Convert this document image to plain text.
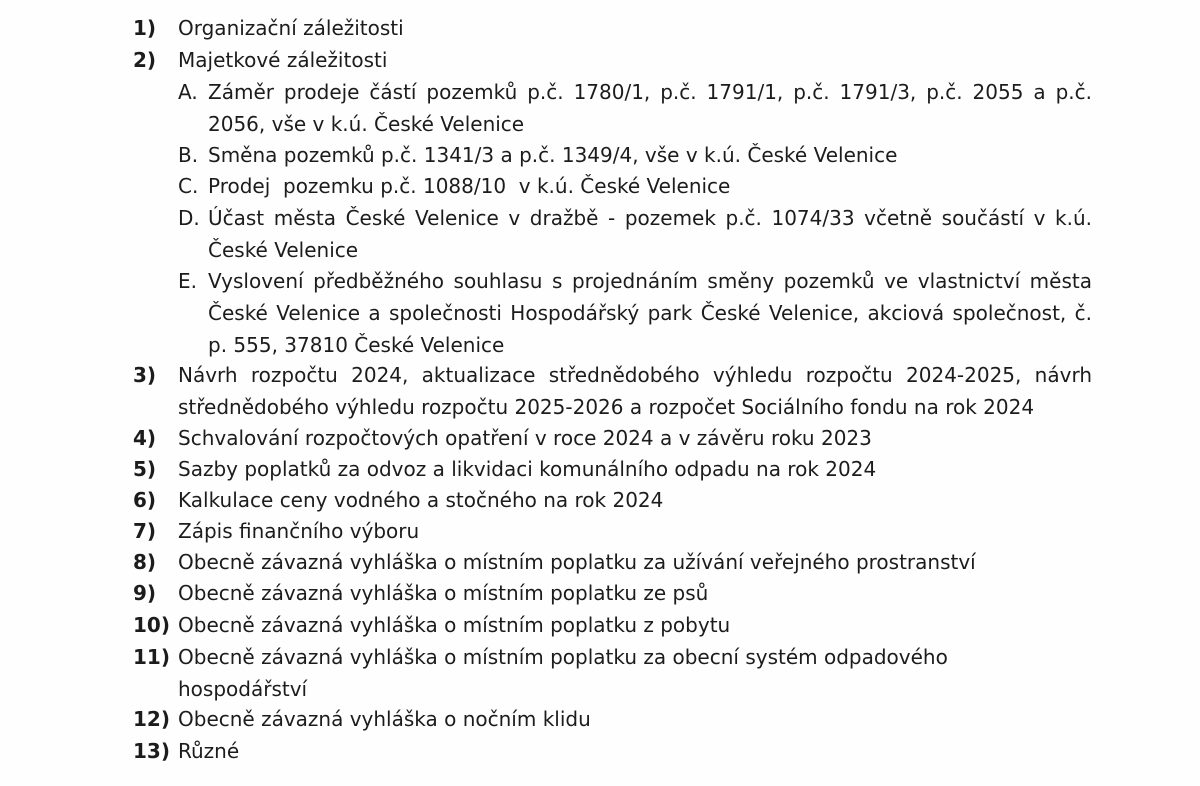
1) Organizační záležitosti
2) Majetkové záležitosti
A. Záměr prodeje částí pozemků p.č. 1780/1, p.č. 1791/1, p.č. 1791/3, p.č. 2055 a p.č. 2056, vše v k.ú. České Velenice
B. Směna pozemků p.č. 1341/3 a p.č. 1349/4, vše v k.ú. České Velenice
C. Prodej  pozemku p.č. 1088/10  v k.ú. České Velenice
D. Účast města České Velenice v dražbě - pozemek p.č. 1074/33 včetně součástí v k.ú. České Velenice
E. Vyslovení předběžného souhlasu s projednáním směny pozemků ve vlastnictví města České Velenice a společnosti Hospodářský park České Velenice, akciová společnost, č. p. 555, 37810 České Velenice
3) Návrh rozpočtu 2024, aktualizace střednědobého výhledu rozpočtu 2024-2025, návrh střednědobého výhledu rozpočtu 2025-2026 a rozpočet Sociálního fondu na rok 2024
4) Schvalování rozpočtových opatření v roce 2024 a v závěru roku 2023
5) Sazby poplatků za odvoz a likvidaci komunálního odpadu na rok 2024
6) Kalkulace ceny vodného a stočného na rok 2024
7) Zápis finančního výboru
8) Obecně závazná vyhláška o místním poplatku za užívání veřejného prostranství
9) Obecně závazná vyhláška o místním poplatku ze psů
10) Obecně závazná vyhláška o místním poplatku z pobytu
11) Obecně závazná vyhláška o místním poplatku za obecní systém odpadového hospodářství
12) Obecně závazná vyhláška o nočním klidu
13) Různé
